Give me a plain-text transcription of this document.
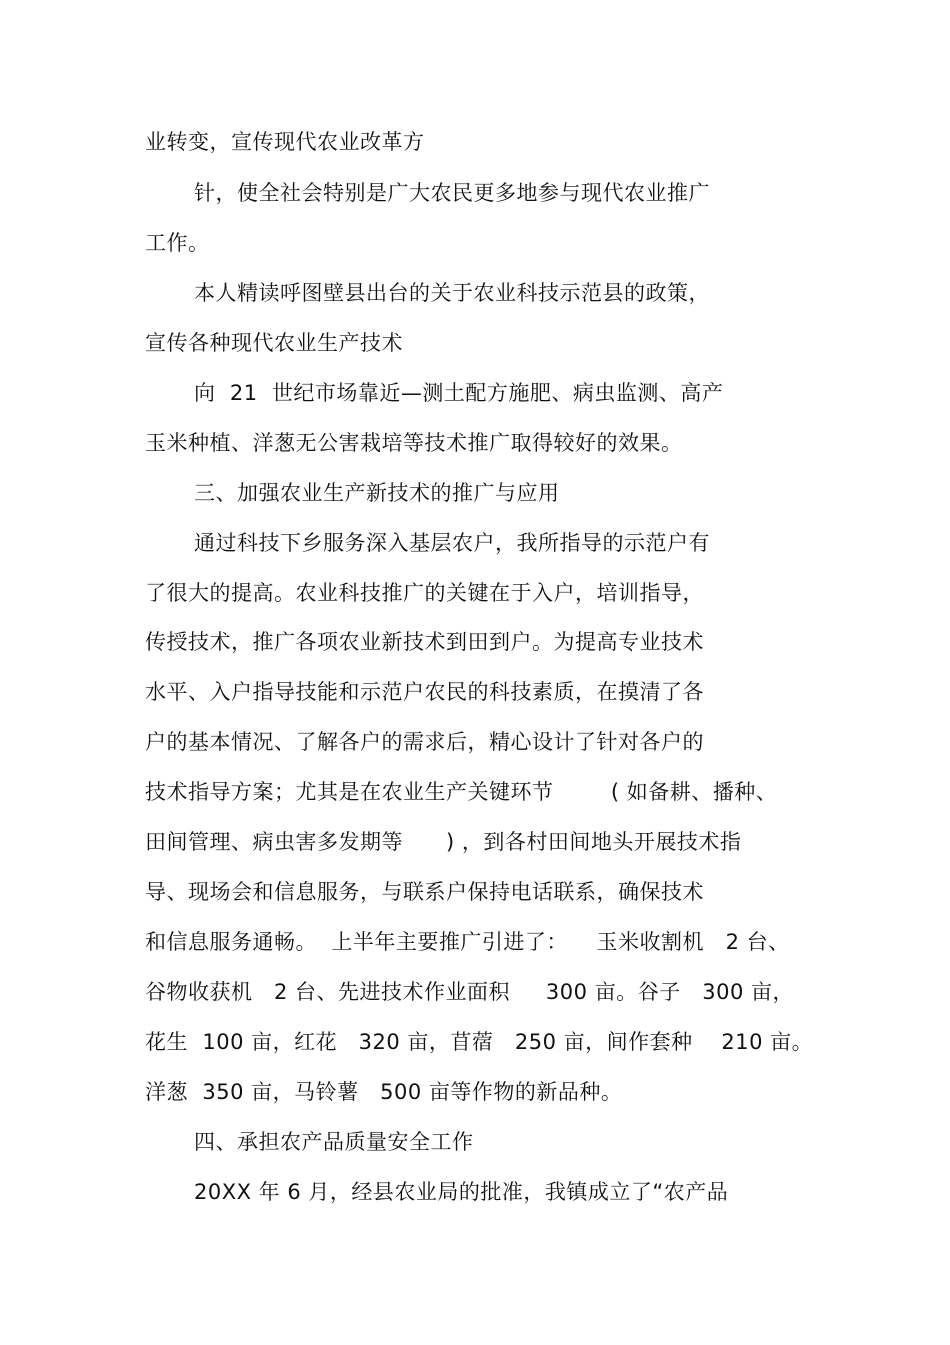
业转变，宣传现代农业改革方
针，使全社会特别是广大农民更多地参与现代农业推广
工作。
本人精读呼图壁县出台的关于农业科技示范县的政策，
宣传各种现代农业生产技术
向  21  世纪市场靠近—测土配方施肥、病虫监测、高产
玉米种植、洋葱无公害栽培等技术推广取得较好的效果。
三、加强农业生产新技术的推广与应用
通过科技下乡服务深入基层农户，我所指导的示范户有
了很大的提高。农业科技推广的关键在于入户，培训指导，
传授技术，推广各项农业新技术到田到户。为提高专业技术
水平、入户指导技能和示范户农民的科技素质，在摸清了各
户的基本情况、了解各户的需求后，精心设计了针对各户的
技术指导方案；尤其是在农业生产关键环节        ( 如备耕、播种、
田间管理、病虫害多发期等      ) ，到各村田间地头开展技术指
导、现场会和信息服务，与联系户保持电话联系，确保技术
和信息服务通畅。  上半年主要推广引进了：    玉米收割机   2 台、
谷物收获机   2 台、先进技术作业面积     300 亩。谷子   300 亩，
花生  100 亩，红花   320 亩，苜蓿   250 亩，间作套种    210 亩。
洋葱  350 亩，马铃薯   500 亩等作物的新品种。
四、承担农产品质量安全工作
20XX 年 6 月，经县农业局的批准，我镇成立了“农产品
